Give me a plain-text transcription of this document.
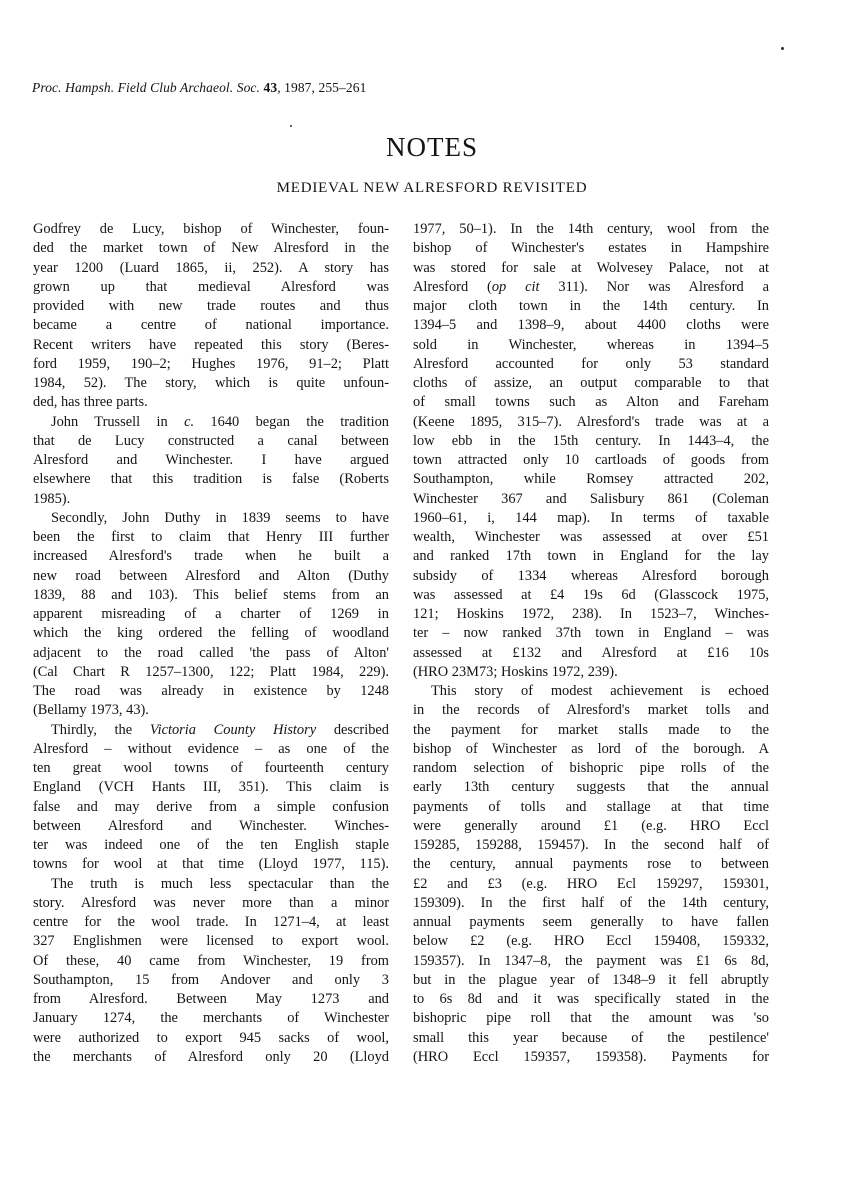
Proc. Hampsh. Field Club Archaeol. Soc. 43, 1987, 255–261
NOTES
MEDIEVAL NEW ALRESFORD REVISITED
Godfrey de Lucy, bishop of Winchester, foun-
ded the market town of New Alresford in the
year 1200 (Luard 1865, ii, 252). A story has
grown up that medieval Alresford was
provided with new trade routes and thus
became a centre of national importance.
Recent writers have repeated this story (Beres-
ford 1959, 190–2; Hughes 1976, 91–2; Platt
1984, 52). The story, which is quite unfoun-
ded, has three parts.
John Trussell in c. 1640 began the tradition
that de Lucy constructed a canal between
Alresford and Winchester. I have argued
elsewhere that this tradition is false (Roberts
1985).
Secondly, John Duthy in 1839 seems to have
been the first to claim that Henry III further
increased Alresford's trade when he built a
new road between Alresford and Alton (Duthy
1839, 88 and 103). This belief stems from an
apparent misreading of a charter of 1269 in
which the king ordered the felling of woodland
adjacent to the road called 'the pass of Alton'
(Cal Chart R 1257–1300, 122; Platt 1984, 229).
The road was already in existence by 1248
(Bellamy 1973, 43).
Thirdly, the Victoria County History described
Alresford – without evidence – as one of the
ten great wool towns of fourteenth century
England (VCH Hants III, 351). This claim is
false and may derive from a simple confusion
between Alresford and Winchester. Winches-
ter was indeed one of the ten English staple
towns for wool at that time (Lloyd 1977, 115).
The truth is much less spectacular than the
story. Alresford was never more than a minor
centre for the wool trade. In 1271–4, at least
327 Englishmen were licensed to export wool.
Of these, 40 came from Winchester, 19 from
Southampton, 15 from Andover and only 3
from Alresford. Between May 1273 and
January 1274, the merchants of Winchester
were authorized to export 945 sacks of wool,
the merchants of Alresford only 20 (Lloyd
1977, 50–1). In the 14th century, wool from the
bishop of Winchester's estates in Hampshire
was stored for sale at Wolvesey Palace, not at
Alresford (op cit 311). Nor was Alresford a
major cloth town in the 14th century. In
1394–5 and 1398–9, about 4400 cloths were
sold in Winchester, whereas in 1394–5
Alresford accounted for only 53 standard
cloths of assize, an output comparable to that
of small towns such as Alton and Fareham
(Keene 1895, 315–7). Alresford's trade was at a
low ebb in the 15th century. In 1443–4, the
town attracted only 10 cartloads of goods from
Southampton, while Romsey attracted 202,
Winchester 367 and Salisbury 861 (Coleman
1960–61, i, 144 map). In terms of taxable
wealth, Winchester was assessed at over £51
and ranked 17th town in England for the lay
subsidy of 1334 whereas Alresford borough
was assessed at £4 19s 6d (Glasscock 1975,
121; Hoskins 1972, 238). In 1523–7, Winches-
ter – now ranked 37th town in England – was
assessed at £132 and Alresford at £16 10s
(HRO 23M73; Hoskins 1972, 239).
This story of modest achievement is echoed
in the records of Alresford's market tolls and
the payment for market stalls made to the
bishop of Winchester as lord of the borough. A
random selection of bishopric pipe rolls of the
early 13th century suggests that the annual
payments of tolls and stallage at that time
were generally around £1 (e.g. HRO Eccl
159285, 159288, 159457). In the second half of
the century, annual payments rose to between
£2 and £3 (e.g. HRO Ecl 159297, 159301,
159309). In the first half of the 14th century,
annual payments seem generally to have fallen
below £2 (e.g. HRO Eccl 159408, 159332,
159357). In 1347–8, the payment was £1 6s 8d,
but in the plague year of 1348–9 it fell abruptly
to 6s 8d and it was specifically stated in the
bishopric pipe roll that the amount was 'so
small this year because of the pestilence'
(HRO Eccl 159357, 159358). Payments for
